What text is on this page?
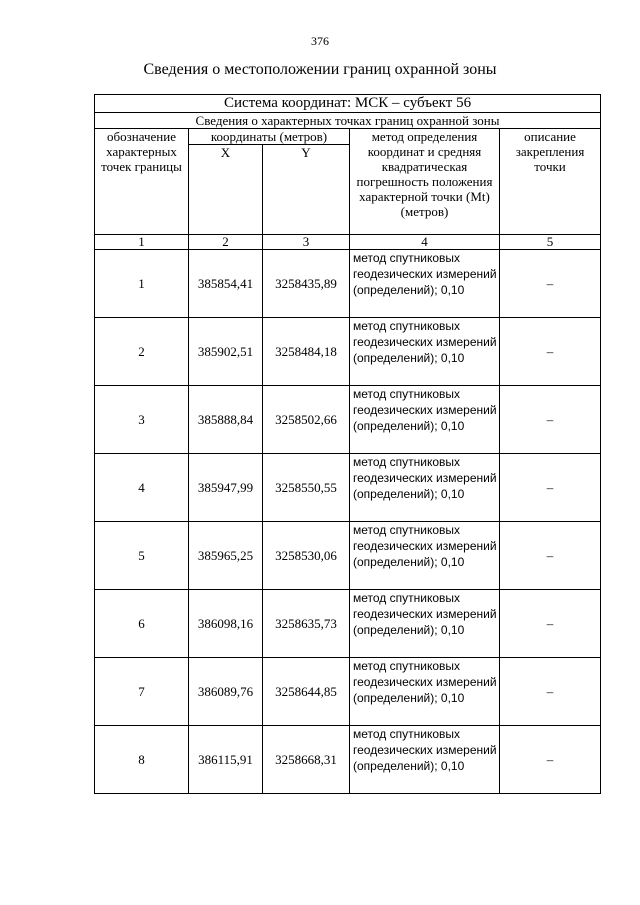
376
Сведения о местоположении границ охранной зоны
Система координат: МСК – субъект 56				
Сведения о характерных точках границ охранной зоны				
обозначение характерных точек границы	координаты (метров)		метод определения координат и средняя квадратическая погрешность положения характерной точки (Mt) (метров)	описание закрепления точки
	X	Y		
1	2	3	4	5
1	385854,41	3258435,89	метод спутниковых геодезических измерений (определений); 0,10	–
2	385902,51	3258484,18	метод спутниковых геодезических измерений (определений); 0,10	–
3	385888,84	3258502,66	метод спутниковых геодезических измерений (определений); 0,10	–
4	385947,99	3258550,55	метод спутниковых геодезических измерений (определений); 0,10	–
5	385965,25	3258530,06	метод спутниковых геодезических измерений (определений); 0,10	–
6	386098,16	3258635,73	метод спутниковых геодезических измерений (определений); 0,10	–
7	386089,76	3258644,85	метод спутниковых геодезических измерений (определений); 0,10	–
8	386115,91	3258668,31	метод спутниковых геодезических измерений (определений); 0,10	–
